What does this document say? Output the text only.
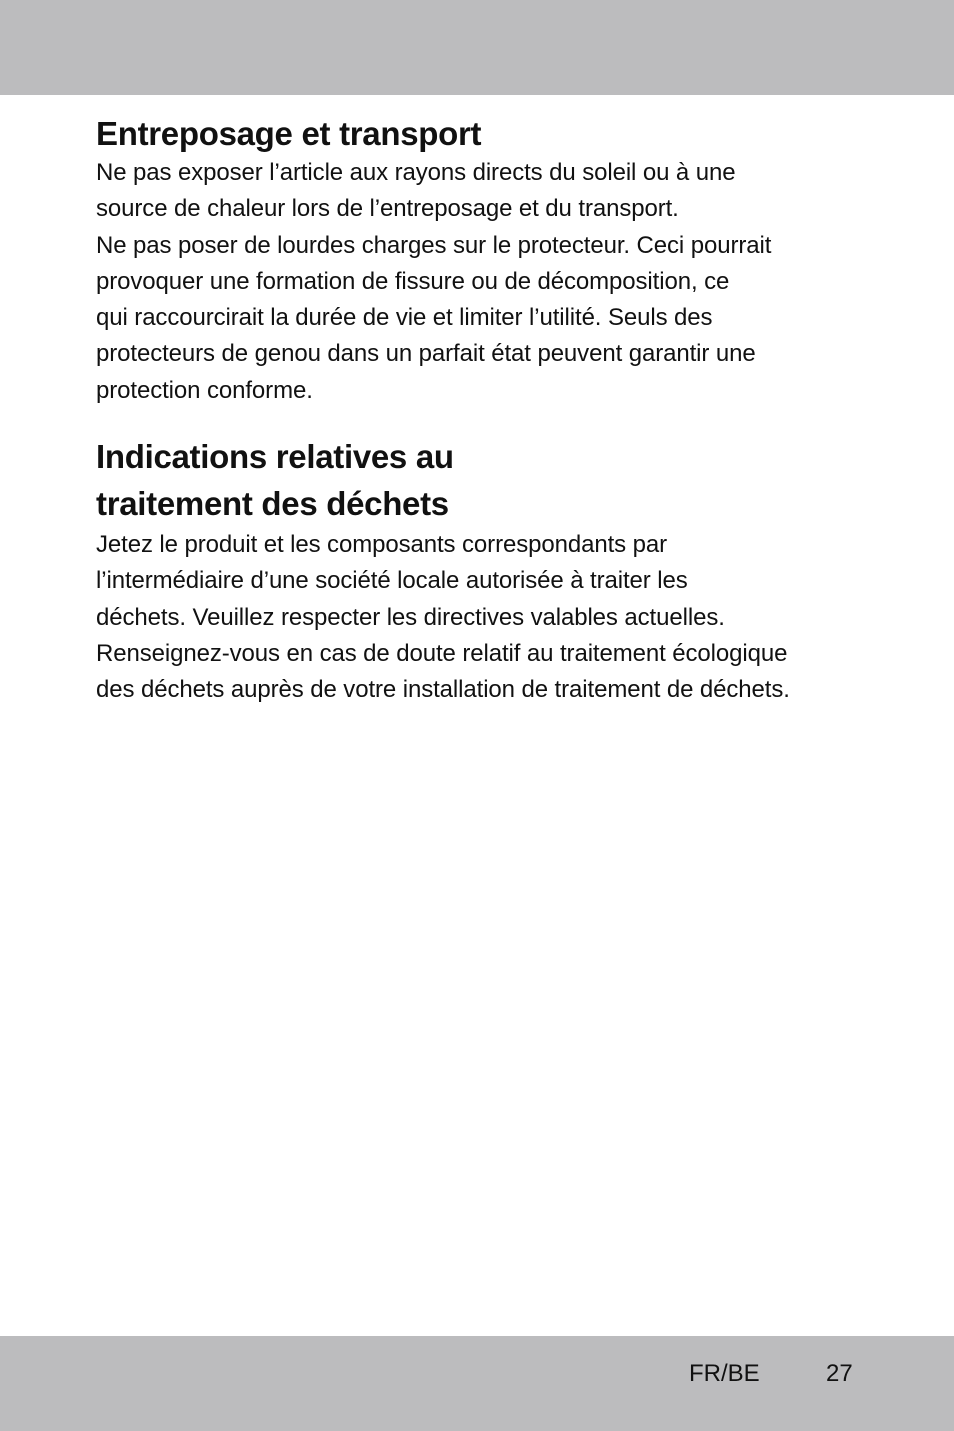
Entreposage et transport

Ne pas exposer l’article aux rayons directs du soleil ou à une
source de chaleur lors de l’entreposage et du transport.

Ne pas poser de lourdes charges sur le protecteur. Ceci pourrait
provoquer une formation de fissure ou de décomposition, ce
qui raccourcirait la durée de vie et limiter l’utilité. Seuls des
protecteurs de genou dans un parfait état peuvent garantir une
protection conforme.

Indications relatives au
traitement des déchets

Jetez le produit et les composants correspondants par
l’intermédiaire d’une société locale autorisée à traiter les
déchets. Veuillez respecter les directives valables actuelles.
Renseignez-vous en cas de doute relatif au traitement écologique
des déchets auprès de votre installation de traitement de déchets.

FR/BE	27
